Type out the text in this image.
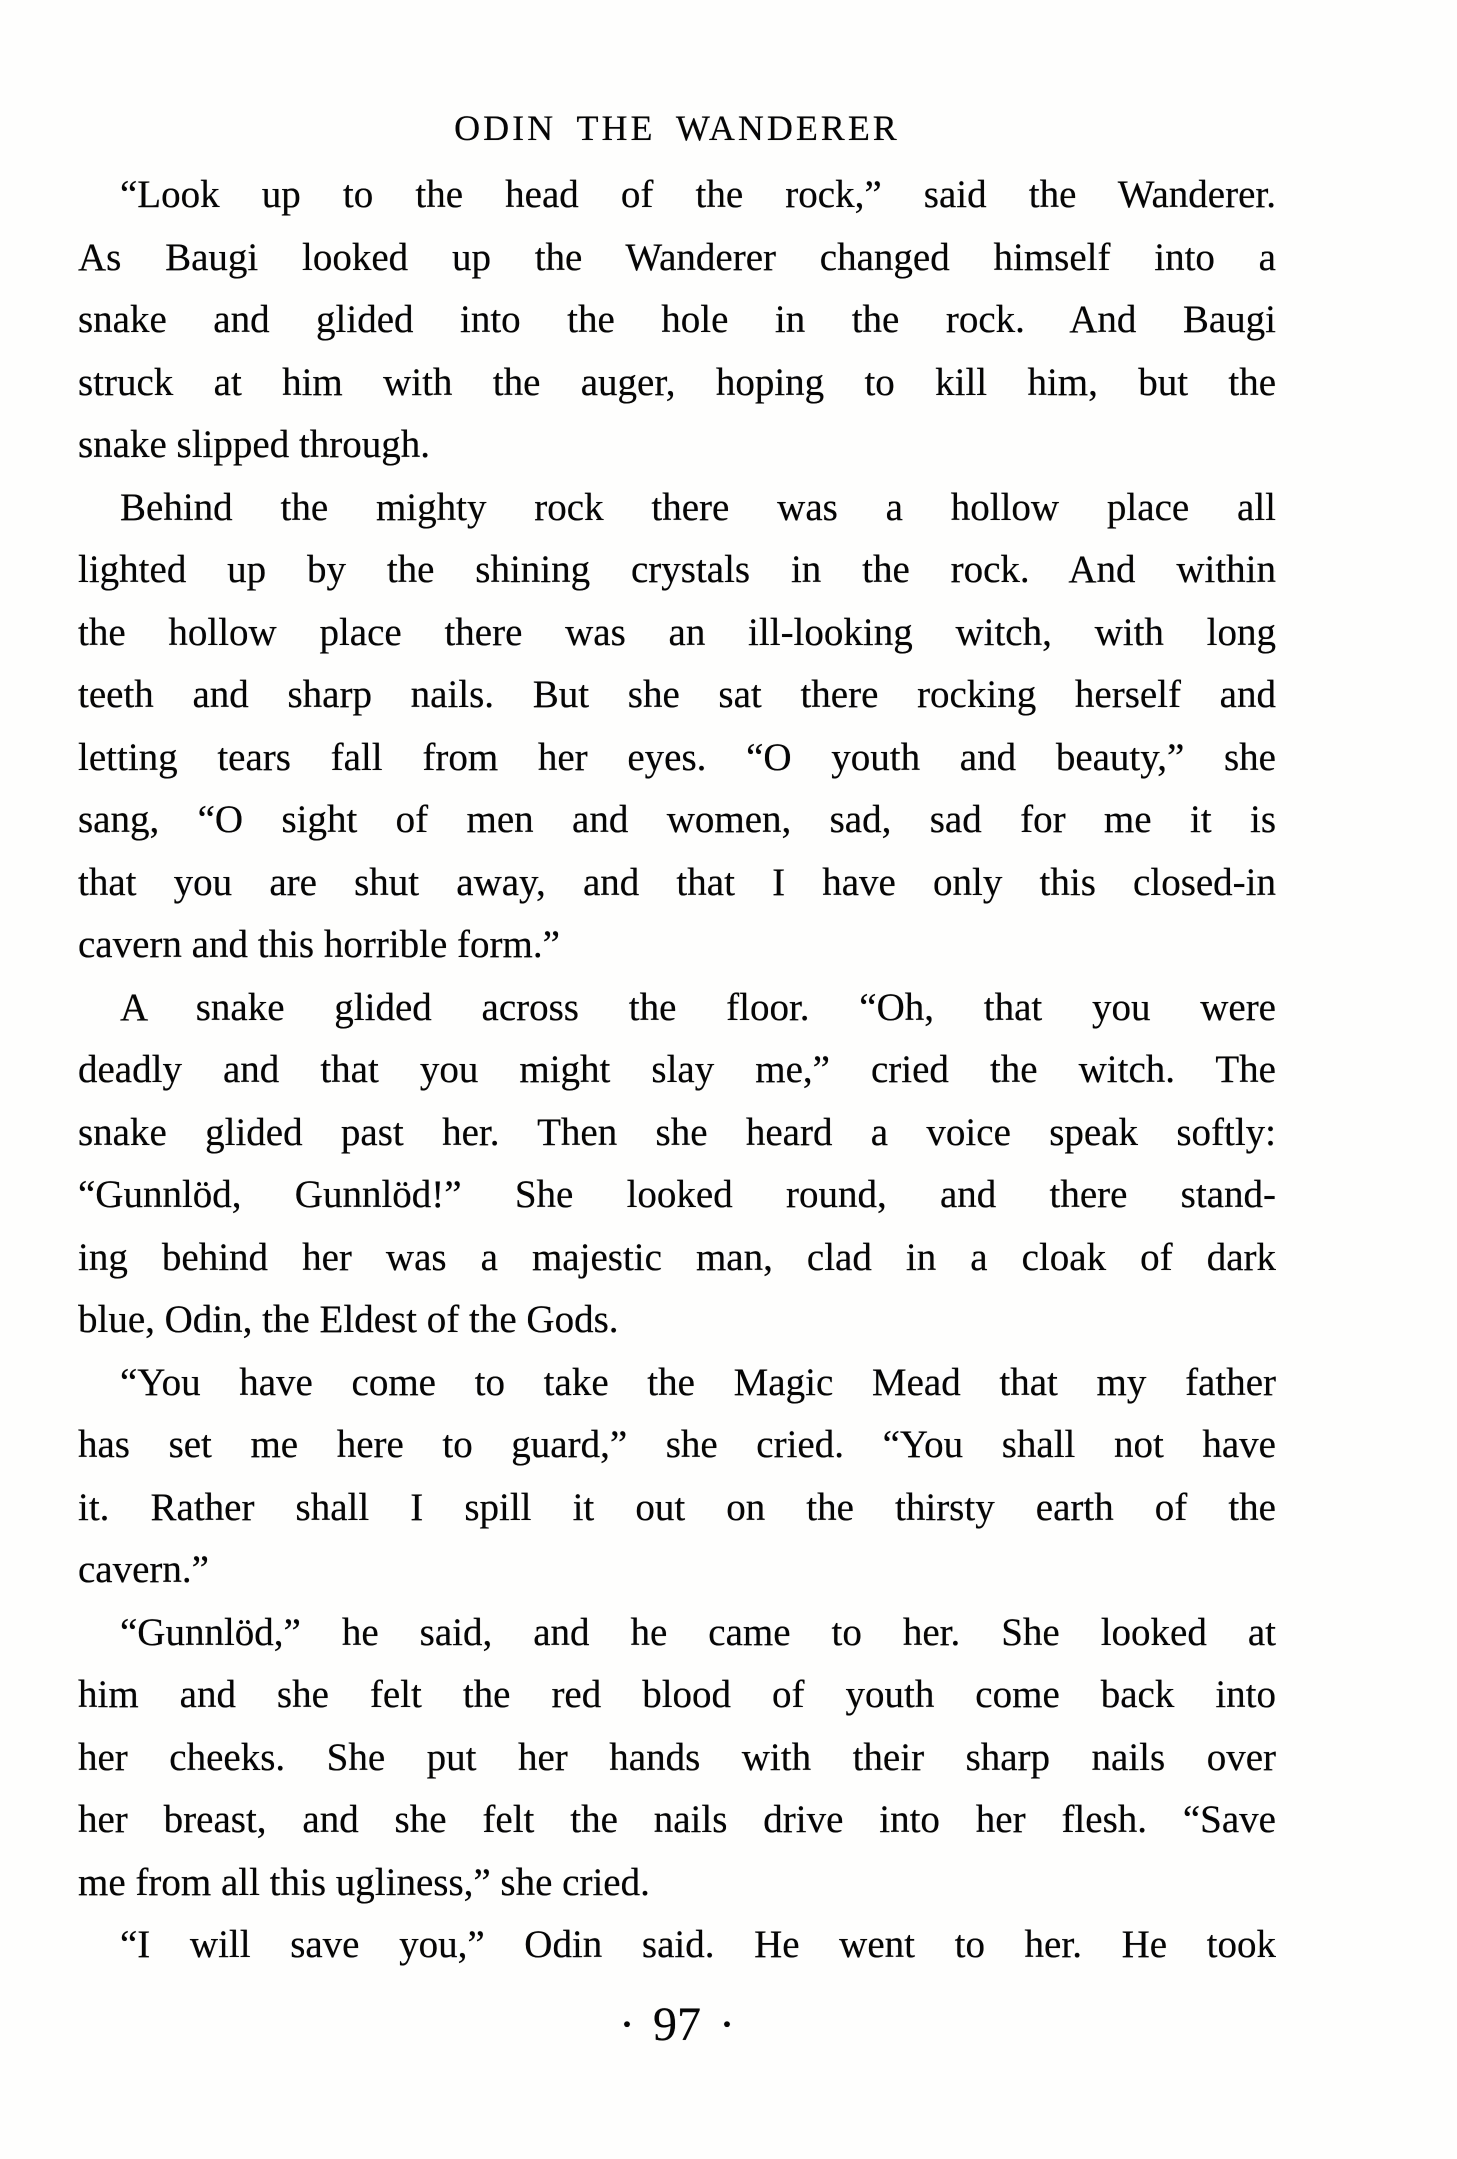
ODIN THE WANDERER
“Look up to the head of the rock,” said the Wanderer.
As Baugi looked up the Wanderer changed himself into a
snake and glided into the hole in the rock. And Baugi
struck at him with the auger, hoping to kill him, but the
snake slipped through.
Behind the mighty rock there was a hollow place all
lighted up by the shining crystals in the rock. And within
the hollow place there was an ill-looking witch, with long
teeth and sharp nails. But she sat there rocking herself and
letting tears fall from her eyes. “O youth and beauty,” she
sang, “O sight of men and women, sad, sad for me it is
that you are shut away, and that I have only this closed-in
cavern and this horrible form.”
A snake glided across the floor. “Oh, that you were
deadly and that you might slay me,” cried the witch. The
snake glided past her. Then she heard a voice speak softly:
“Gunnlöd, Gunnlöd!” She looked round, and there stand-
ing behind her was a majestic man, clad in a cloak of dark
blue, Odin, the Eldest of the Gods.
“You have come to take the Magic Mead that my father
has set me here to guard,” she cried. “You shall not have
it. Rather shall I spill it out on the thirsty earth of the
cavern.”
“Gunnlöd,” he said, and he came to her. She looked at
him and she felt the red blood of youth come back into
her cheeks. She put her hands with their sharp nails over
her breast, and she felt the nails drive into her flesh. “Save
me from all this ugliness,” she cried.
“I will save you,” Odin said. He went to her. He took
· 97 ·
